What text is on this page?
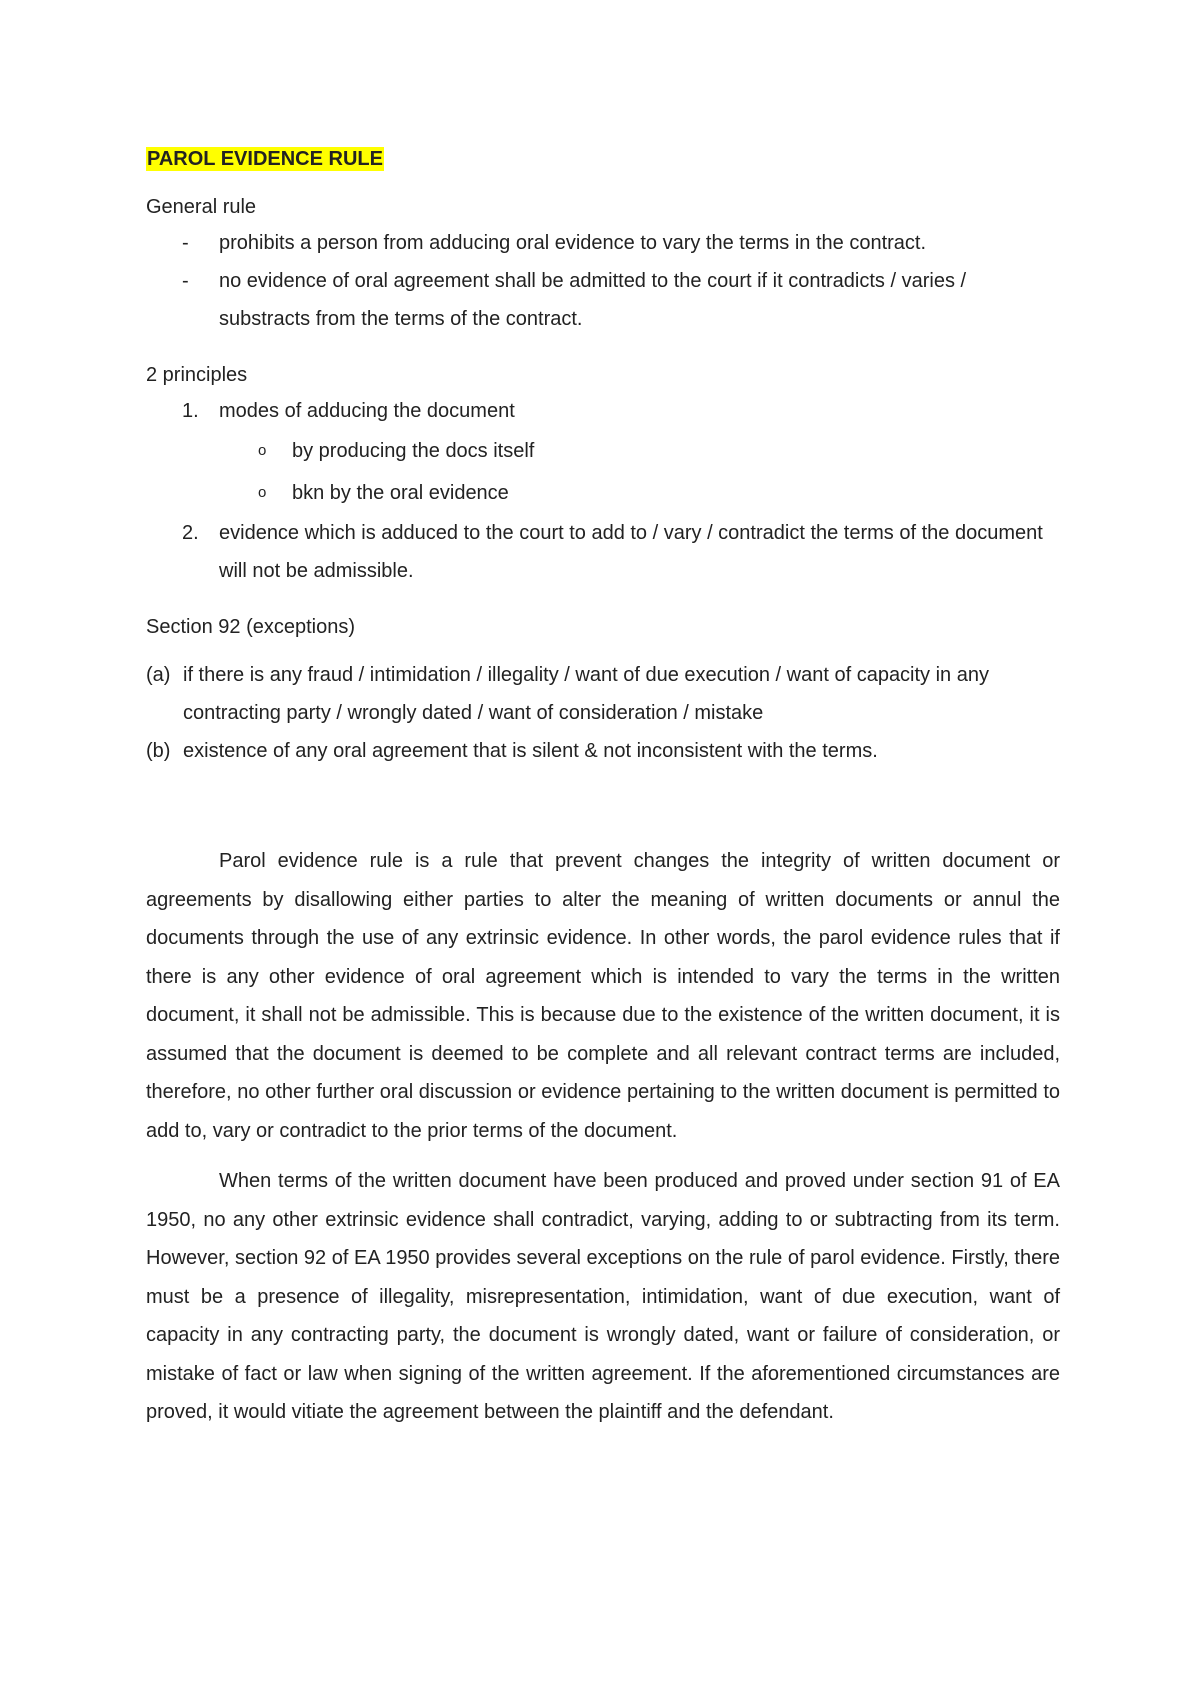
PAROL EVIDENCE RULE
General rule
- prohibits a person from adducing oral evidence to vary the terms in the contract.
- no evidence of oral agreement shall be admitted to the court if it contradicts / varies / substracts from the terms of the contract.
2 principles
1. modes of adducing the document
o by producing the docs itself
o bkn by the oral evidence
2. evidence which is adduced to the court to add to / vary / contradict the terms of the document will not be admissible.
Section 92 (exceptions)
(a) if there is any fraud / intimidation / illegality / want of due execution / want of capacity in any contracting party / wrongly dated / want of consideration / mistake
(b) existence of any oral agreement that is silent & not inconsistent with the terms.

Parol evidence rule is a rule that prevent changes the integrity of written document or agreements by disallowing either parties to alter the meaning of written documents or annul the documents through the use of any extrinsic evidence. In other words, the parol evidence rules that if there is any other evidence of oral agreement which is intended to vary the terms in the written document, it shall not be admissible. This is because due to the existence of the written document, it is assumed that the document is deemed to be complete and all relevant contract terms are included, therefore, no other further oral discussion or evidence pertaining to the written document is permitted to add to, vary or contradict to the prior terms of the document.

When terms of the written document have been produced and proved under section 91 of EA 1950, no any other extrinsic evidence shall contradict, varying, adding to or subtracting from its term. However, section 92 of EA 1950 provides several exceptions on the rule of parol evidence. Firstly, there must be a presence of illegality, misrepresentation, intimidation, want of due execution, want of capacity in any contracting party, the document is wrongly dated, want or failure of consideration, or mistake of fact or law when signing of the written agreement. If the aforementioned circumstances are proved, it would vitiate the agreement between the plaintiff and the defendant.
